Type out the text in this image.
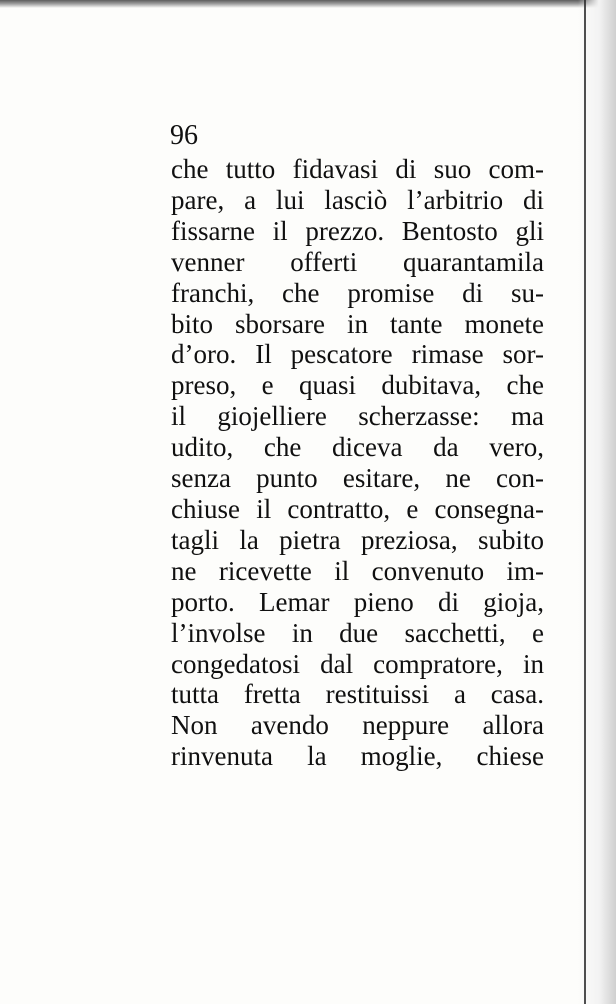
96
che tutto fidavasi di suo com-
pare, a lui lasciò l’arbitrio di
fissarne il prezzo. Bentosto gli
venner offerti quarantamila
franchi, che promise di su-
bito sborsare in tante monete
d’oro. Il pescatore rimase sor-
preso, e quasi dubitava, che
il giojelliere scherzasse: ma
udito, che diceva da vero,
senza punto esitare, ne con-
chiuse il contratto, e consegna-
tagli la pietra preziosa, subito
ne ricevette il convenuto im-
porto. Lemar pieno di gioja,
l’involse in due sacchetti, e
congedatosi dal compratore, in
tutta fretta restituissi a casa.
Non avendo neppure allora
rinvenuta la moglie, chiese
